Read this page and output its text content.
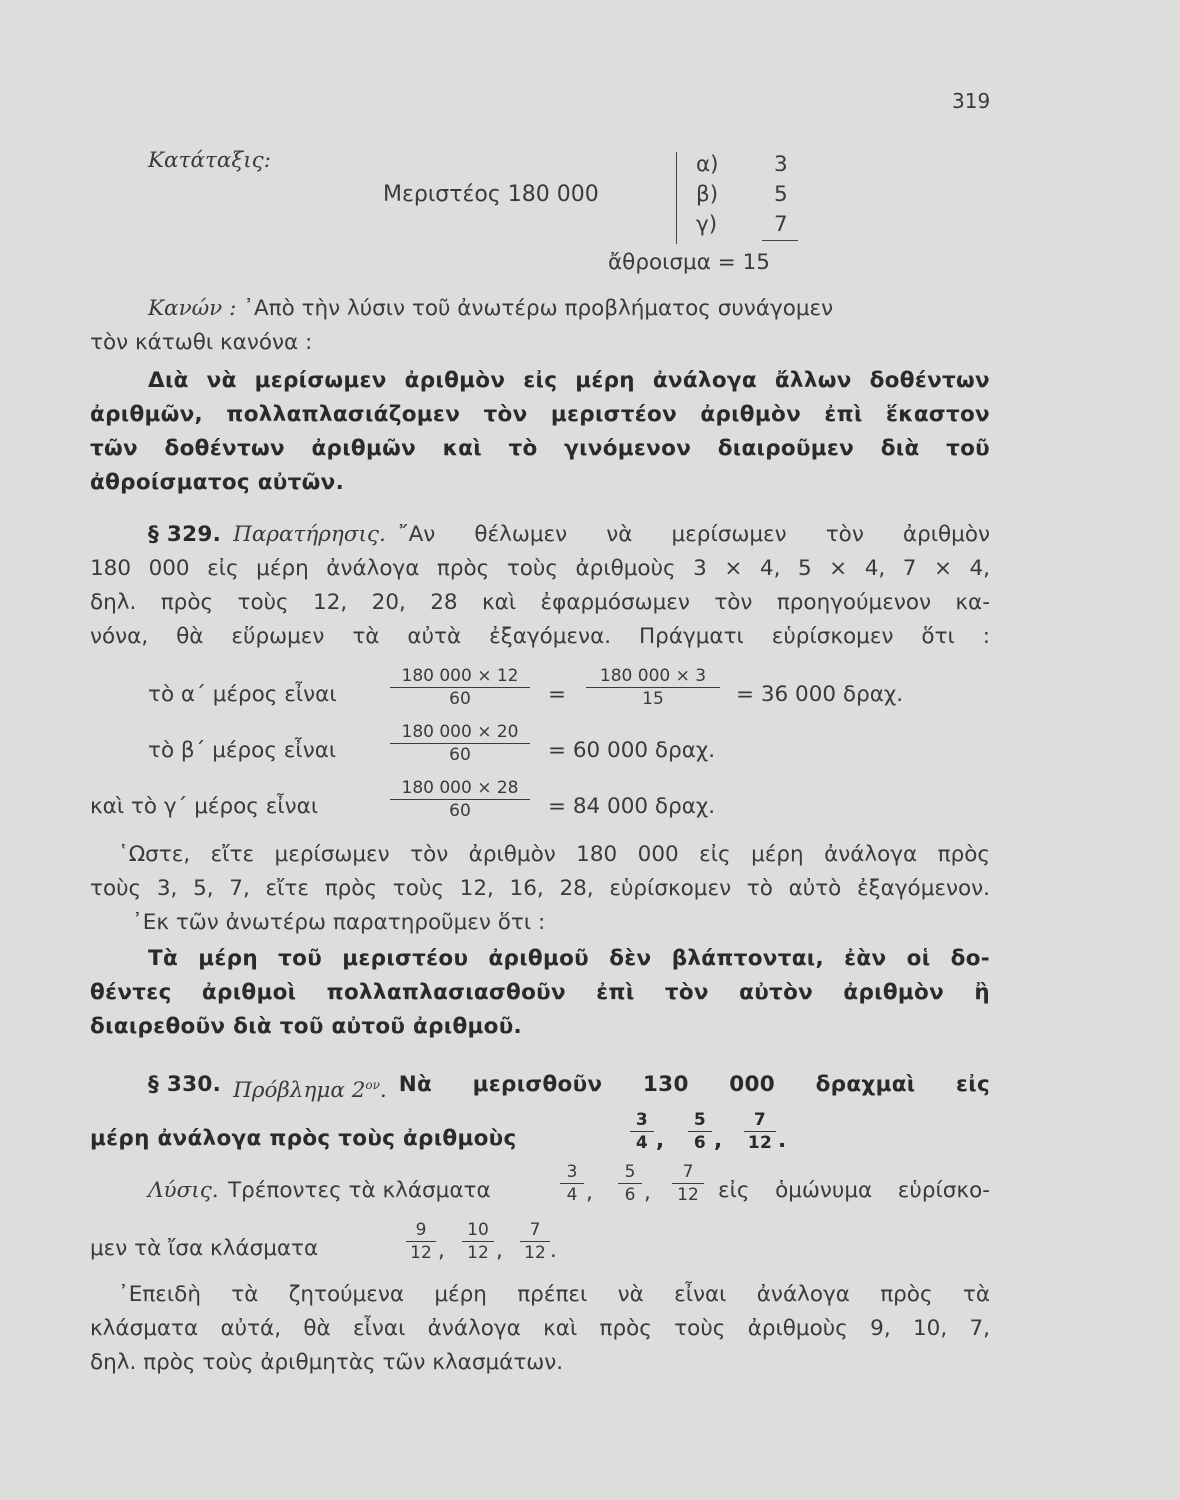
319
Κατάταξις:
Μεριστέος 180 000
α)	3
β)	5
γ)	7
ἄθροισμα = 15
Κανών : ᾿Απὸ τὴν λύσιν τοῦ ἀνωτέρω προβλήματος συνάγομεν
τὸν κάτωθι κανόνα :
Διὰ νὰ μερίσωμεν ἀριθμὸν εἰς μέρη ἀνάλογα ἄλλων δοθέντων
ἀριθμῶν, πολλαπλασιάζομεν τὸν μεριστέον ἀριθμὸν ἐπὶ ἕκαστον
τῶν δοθέντων ἀριθμῶν καὶ τὸ γινόμενον διαιροῦμεν διὰ τοῦ
ἀθροίσματος αὐτῶν.
§ 329. Παρατήρησις. ῎Αν θέλωμεν νὰ μερίσωμεν τὸν ἀριθμὸν
180 000 εἰς μέρη ἀνάλογα πρὸς τοὺς ἀριθμοὺς 3 × 4, 5 × 4, 7 × 4,
δηλ. πρὸς τοὺς 12, 20, 28 καὶ ἐφαρμόσωμεν τὸν προηγούμενον κα-
νόνα, θὰ εὕρωμεν τὰ αὐτὰ ἐξαγόμενα. Πράγματι εὑρίσκομεν ὅτι :
τὸ α΄ μέρος εἶναι	$\frac{180 000 \times 12}{60} = \frac{180 000 \times 3}{15} = 36$ 000 δραχ.
τὸ β΄ μέρος εἶναι	$\frac{180 000 \times 20}{60} = 60$ 000 δραχ.
καὶ τὸ γ΄ μέρος εἶναι	$\frac{180 000 \times 28}{60} = 84$ 000 δραχ.
῾Ωστε, εἴτε μερίσωμεν τὸν ἀριθμὸν 180 000 εἰς μέρη ἀνάλογα πρὸς
τοὺς 3, 5, 7, εἴτε πρὸς τοὺς 12, 16, 28, εὑρίσκομεν τὸ αὐτὸ ἐξαγόμενον.
᾿Εκ τῶν ἀνωτέρω παρατηροῦμεν ὅτι :
Τὰ μέρη τοῦ μεριστέου ἀριθμοῦ δὲν βλάπτονται, ἐὰν οἱ δο-
θέντες ἀριθμοὶ πολλαπλασιασθοῦν ἐπὶ τὸν αὐτὸν ἀριθμὸν ἢ
διαιρεθοῦν διὰ τοῦ αὐτοῦ ἀριθμοῦ.
§ 330. Πρόβλημα $2^{o\nu}$. Νὰ μερισθοῦν 130 000 δραχμαὶ εἰς
μέρη ἀνάλογα πρὸς τοὺς ἀριθμοὺς	$\frac{3}{4}$ , $\frac{5}{6}$ , $\frac{7}{12}$ .
Λύσις. Τρέποντες τὰ κλάσματα	$\frac{3}{4}$ , $\frac{5}{6}$ , $\frac{7}{12}$ εἰς ὁμώνυμα εὑρίσκο-
μεν τὰ ἴσα κλάσματα	$\frac{9}{12}$ , $\frac{10}{12}$ , $\frac{7}{12}$ .
᾿Επειδὴ τὰ ζητούμενα μέρη πρέπει νὰ εἶναι ἀνάλογα πρὸς τὰ
κλάσματα αὐτά, θὰ εἶναι ἀνάλογα καὶ πρὸς τοὺς ἀριθμοὺς 9, 10, 7,
δηλ. πρὸς τοὺς ἀριθμητὰς τῶν κλασμάτων.
